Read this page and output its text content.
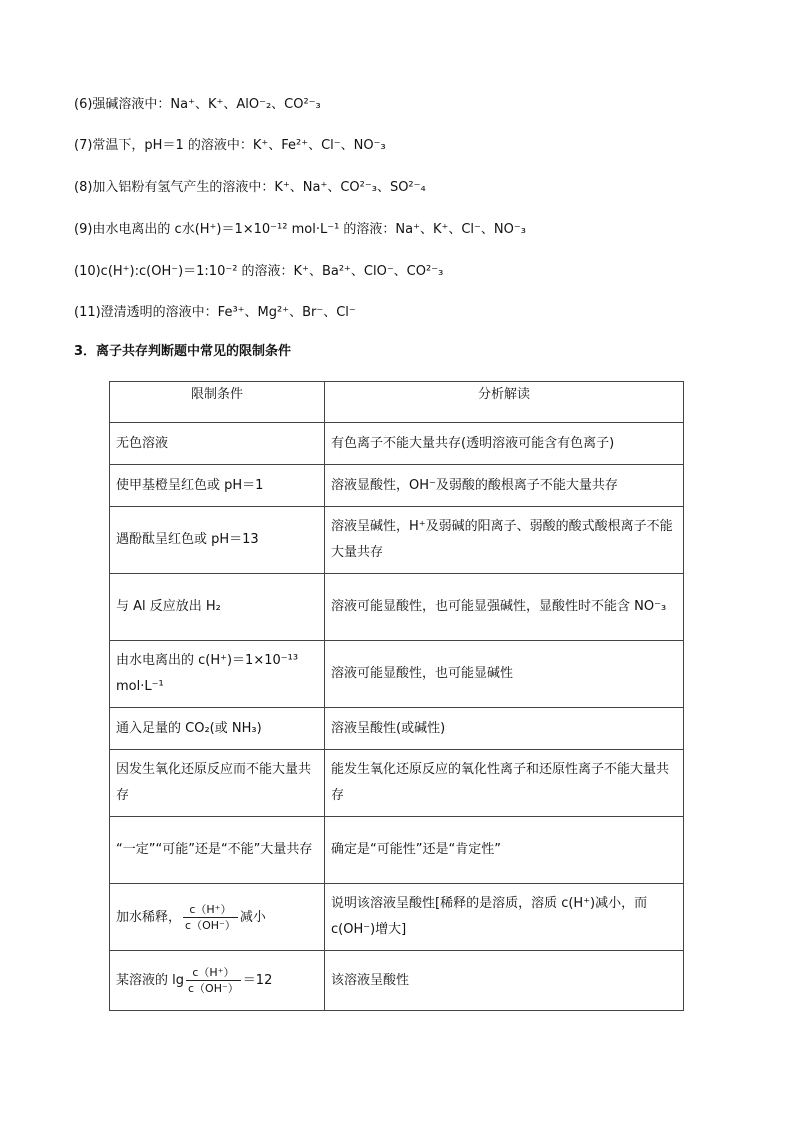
(6)强碱溶液中：Na⁺、K⁺、AlO⁻₂、CO²⁻₃
(7)常温下，pH＝1 的溶液中：K⁺、Fe²⁺、Cl⁻、NO⁻₃
(8)加入铝粉有氢气产生的溶液中：K⁺、Na⁺、CO²⁻₃、SO²⁻₄
(9)由水电离出的 c水(H⁺)＝1×10⁻¹² mol·L⁻¹ 的溶液：Na⁺、K⁺、Cl⁻、NO⁻₃
(10)c(H⁺):c(OH⁻)＝1:10⁻² 的溶液：K⁺、Ba²⁺、ClO⁻、CO²⁻₃
(11)澄清透明的溶液中：Fe³⁺、Mg²⁺、Br⁻、Cl⁻
3．离子共存判断题中常见的限制条件
限制条件	分析解读
无色溶液	有色离子不能大量共存(透明溶液可能含有色离子)
使甲基橙呈红色或 pH＝1	溶液显酸性，OH⁻及弱酸的酸根离子不能大量共存
遇酚酞呈红色或 pH＝13	溶液呈碱性，H⁺及弱碱的阳离子、弱酸的酸式酸根离子不能大量共存
与 Al 反应放出 H₂	溶液可能显酸性，也可能显强碱性，显酸性时不能含 NO⁻₃
由水电离出的 c(H⁺)＝1×10⁻¹³ mol·L⁻¹	溶液可能显酸性，也可能显碱性
通入足量的 CO₂(或 NH₃)	溶液呈酸性(或碱性)
因发生氧化还原反应而不能大量共存	能发生氧化还原反应的氧化性离子和还原性离子不能大量共存
“一定”“可能”还是“不能”大量共存	确定是“可能性”还是“肯定性”
加水稀释， $\frac{c(H^+)}{c(OH^-)}$ 减小	说明该溶液呈酸性[稀释的是溶质，溶质 c(H⁺)减小，而 c(OH⁻)增大]
某溶液的 $\lg \frac{c(H^+)}{c(OH^-)} =12$	该溶液呈酸性
